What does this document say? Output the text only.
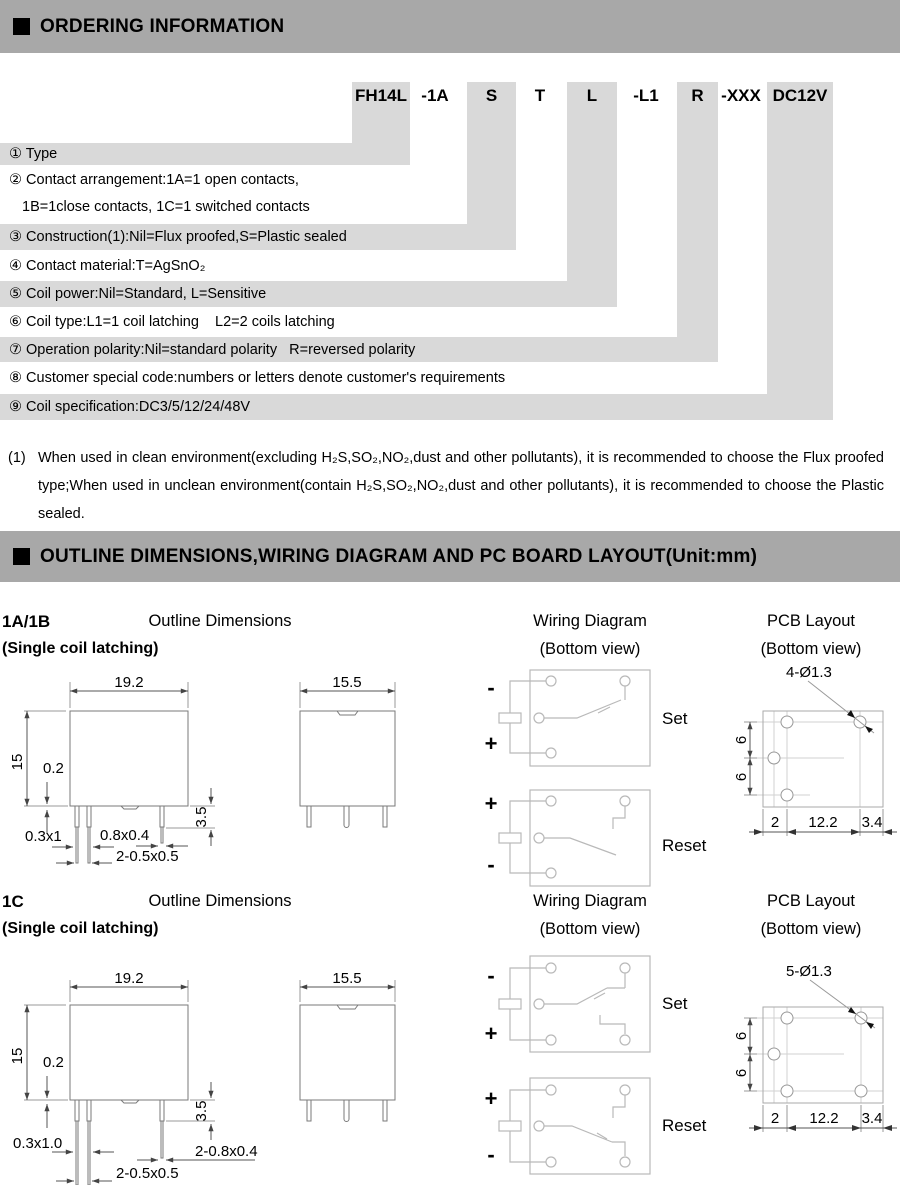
ORDERING INFORMATION
FH14L -1A	S	T	L	-L1	R	-XXX DC12V
① Type
② Contact arrangement:1A=1 open contacts,
1B=1close contacts, 1C=1 switched contacts
③ Construction(1):Nil=Flux proofed,S=Plastic sealed
④ Contact material:T=AgSnO₂
⑤ Coil power:Nil=Standard, L=Sensitive
⑥ Coil type:L1=1 coil latching    L2=2 coils latching
⑦ Operation polarity:Nil=standard polarity   R=reversed polarity
⑧ Customer special code:numbers or letters denote customer's requirements
⑨ Coil specification:DC3/5/12/24/48V
(1) When used in clean environment(excluding H₂S,SO₂,NO₂,dust and other pollutants), it is recommended to choose the Flux proofed type;When used in unclean environment(contain H₂S,SO₂,NO₂,dust and other pollutants), it is recommended to choose the Plastic sealed.
OUTLINE DIMENSIONS,WIRING DIAGRAM AND PC BOARD LAYOUT(Unit:mm)
1A/1B
(Single coil latching)
Outline Dimensions	Wiring Diagram
(Bottom view)
PCB Layout
(Bottom view)
1C
(Single coil latching)
Outline Dimensions	Wiring Diagram
(Bottom view)
PCB Layout
(Bottom view)
19.2
15 0.2
3.5
0.3x1	0.8x0.4
2-0.5x0.5
15.5	-
+
Set
+
-
Reset
4-Ø1.3
6
6
2 12.2 3.4
19.2
15 0.2
3.5
0.3x1.0	2-0.8x0.4
2-0.5x0.5
15.5	-
+
Set
+
-
Reset
5-Ø1.3
6
6
2 12.2 3.4
